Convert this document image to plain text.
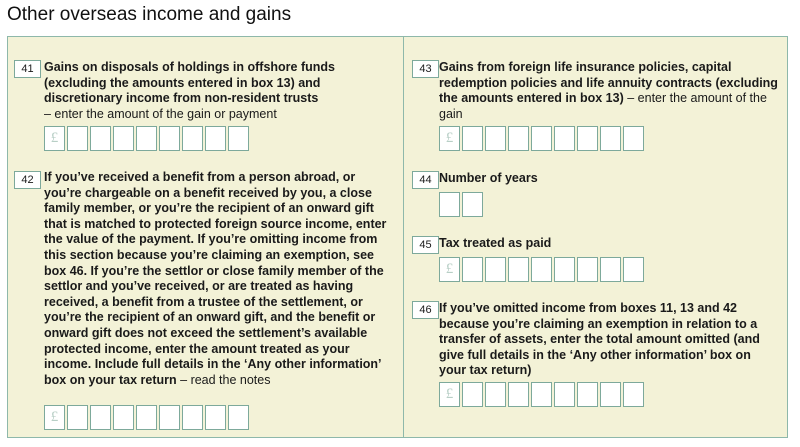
Other overseas income and gains
41 Gains on disposals of holdings in offshore funds (excluding the amounts entered in box 13) and discretionary income from non-resident trusts
– enter the amount of the gain or payment

£
42 If you’ve received a benefit from a person abroad, or you’re chargeable on a benefit received by you, a close family member, or you’re the recipient of an onward gift that is matched to protected foreign source income, enter the value of the payment. If you’re omitting income from this section because you’re claiming an exemption, see box 46. If you’re the settlor or close family member of the settlor and you’ve received, or are treated as having received, a benefit from a trustee of the settlement, or you’re the recipient of an onward gift, and the benefit or onward gift does not exceed the settlement’s available protected income, enter the amount treated as your income. Include full details in the ‘Any other information’ box on your tax return – read the notes

£
43 Gains from foreign life insurance policies, capital redemption policies and life annuity contracts (excluding the amounts entered in box 13) – enter the amount of the gain

£
44 Number of years

45 Tax treated as paid

£
46 If you’ve omitted income from boxes 11, 13 and 42 because you’re claiming an exemption in relation to a transfer of assets, enter the total amount omitted (and give full details in the ‘Any other information’ box on your tax return)

£
